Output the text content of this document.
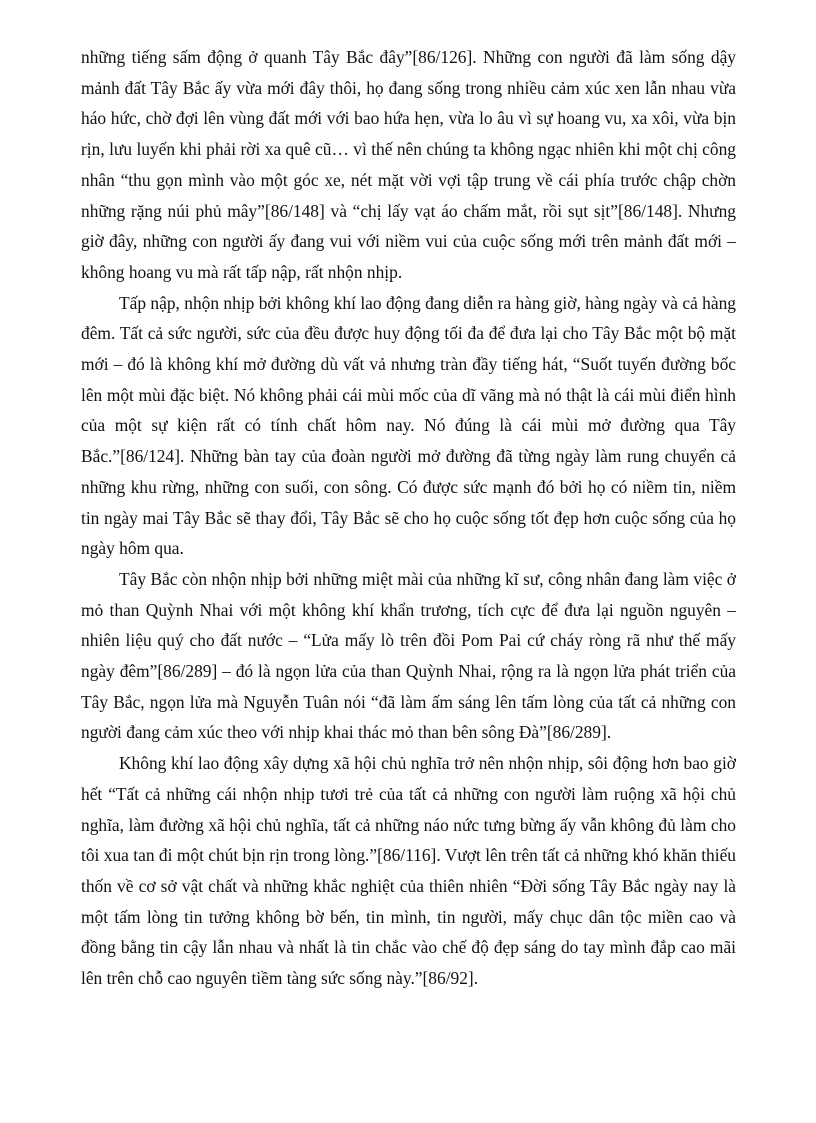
những tiếng sấm động ở quanh Tây Bắc đây”[86/126]. Những con người đã làm sống dậy mảnh đất Tây Bắc ấy vừa mới đây thôi, họ đang sống trong nhiều cảm xúc xen lẫn nhau vừa háo hức, chờ đợi lên vùng đất mới với bao hứa hẹn, vừa lo âu vì sự hoang vu, xa xôi, vừa bịn rịn, lưu luyến khi phải rời xa quê cũ… vì thế nên chúng ta không ngạc nhiên khi một chị công nhân “thu gọn mình vào một góc xe, nét mặt vời vợi tập trung về cái phía trước chập chờn những rặng núi phủ mây”[86/148] và “chị lấy vạt áo chấm mắt, rồi sụt sịt”[86/148]. Nhưng giờ đây, những con người ấy đang vui với niềm vui của cuộc sống mới trên mảnh đất mới – không hoang vu mà rất tấp nập, rất nhộn nhịp.

Tấp nập, nhộn nhịp bởi không khí lao động đang diễn ra hàng giờ, hàng ngày và cả hàng đêm. Tất cả sức người, sức của đều được huy động tối đa để đưa lại cho Tây Bắc một bộ mặt mới – đó là không khí mở đường dù vất vả nhưng tràn đầy tiếng hát, “Suốt tuyến đường bốc lên một mùi đặc biệt. Nó không phải cái mùi mốc của dĩ vãng mà nó thật là cái mùi điển hình của một sự kiện rất có tính chất hôm nay. Nó đúng là cái mùi mở đường qua Tây Bắc.”[86/124]. Những bàn tay của đoàn người mở đường đã từng ngày làm rung chuyển cả những khu rừng, những con suối, con sông. Có được sức mạnh đó bởi họ có niềm tin, niềm tin ngày mai Tây Bắc sẽ thay đổi, Tây Bắc sẽ cho họ cuộc sống tốt đẹp hơn cuộc sống của họ ngày hôm qua.

Tây Bắc còn nhộn nhịp bởi những miệt mài của những kĩ sư, công nhân đang làm việc ở mỏ than Quỳnh Nhai với một không khí khẩn trương, tích cực để đưa lại nguồn nguyên – nhiên liệu quý cho đất nước – “Lửa mấy lò trên đồi Pom Pai cứ cháy ròng rã như thế mấy ngày đêm”[86/289] – đó là ngọn lửa của than Quỳnh Nhai, rộng ra là ngọn lửa phát triển của Tây Bắc, ngọn lửa mà Nguyễn Tuân nói “đã làm ấm sáng lên tấm lòng của tất cả những con người đang cảm xúc theo với nhịp khai thác mỏ than bên sông Đà”[86/289].

Không khí lao động xây dựng xã hội chủ nghĩa trở nên nhộn nhịp, sôi động hơn bao giờ hết “Tất cả những cái nhộn nhịp tươi trẻ của tất cả những con người làm ruộng xã hội chủ nghĩa, làm đường xã hội chủ nghĩa, tất cả những náo nức tưng bừng ấy vẫn không đủ làm cho tôi xua tan đi một chút bịn rịn trong lòng.”[86/116]. Vượt lên trên tất cả những khó khăn thiếu thốn về cơ sở vật chất và những khắc nghiệt của thiên nhiên “Đời sống Tây Bắc ngày nay là một tấm lòng tin tưởng không bờ bến, tin mình, tin người, mấy chục dân tộc miền cao và đồng bằng tin cậy lẫn nhau và nhất là tin chắc vào chế độ đẹp sáng do tay mình đắp cao mãi lên trên chỗ cao nguyên tiềm tàng sức sống này.”[86/92].
